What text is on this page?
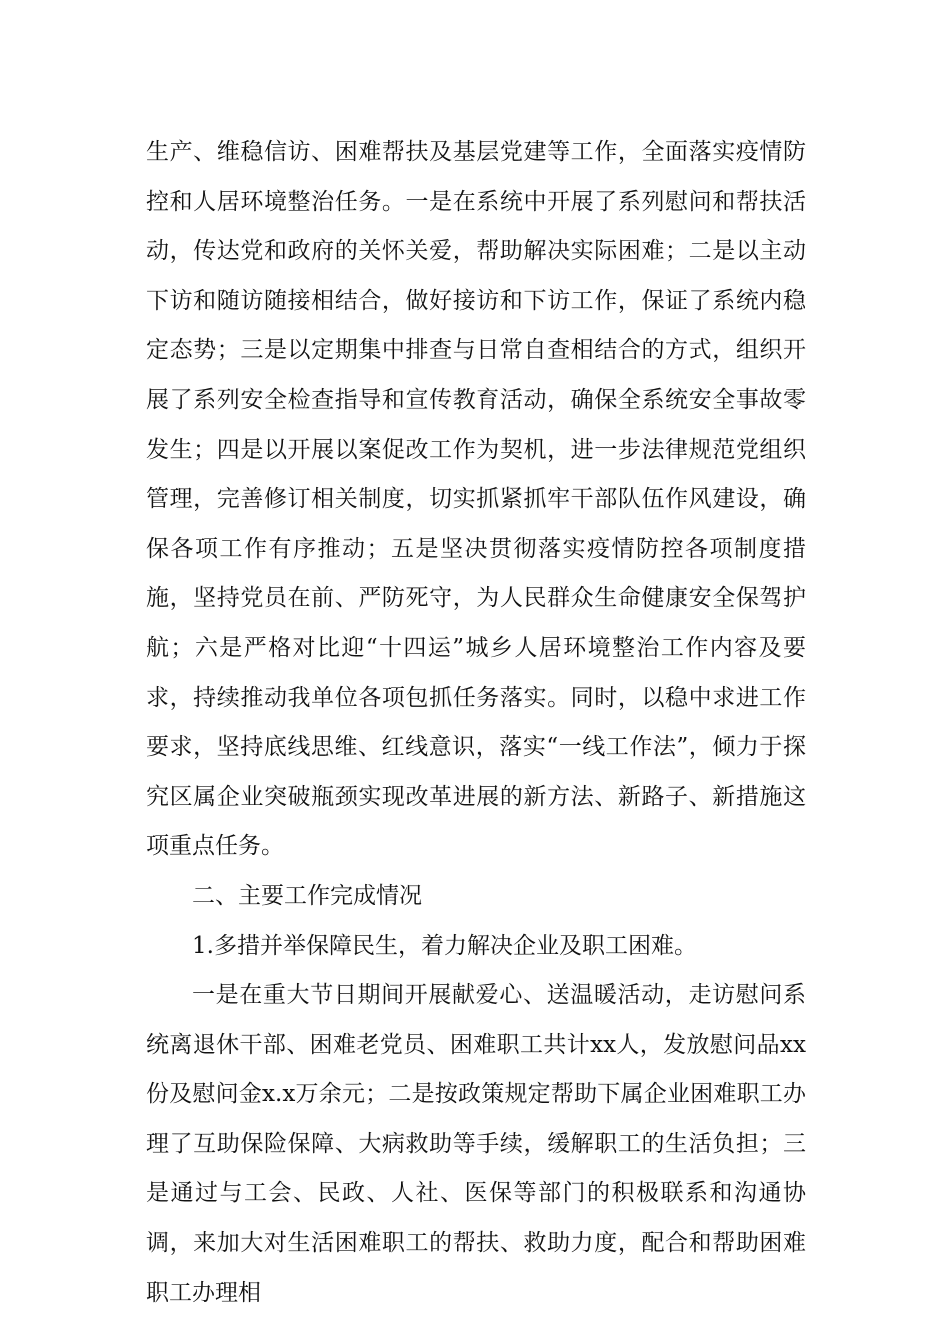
生产、维稳信访、困难帮扶及基层党建等工作，全面落实疫情防控和人居环境整治任务。一是在系统中开展了系列慰问和帮扶活动，传达党和政府的关怀关爱，帮助解决实际困难；二是以主动下访和随访随接相结合，做好接访和下访工作，保证了系统内稳定态势；三是以定期集中排查与日常自查相结合的方式，组织开展了系列安全检查指导和宣传教育活动，确保全系统安全事故零发生；四是以开展以案促改工作为契机，进一步法律规范党组织管理，完善修订相关制度，切实抓紧抓牢干部队伍作风建设，确保各项工作有序推动；五是坚决贯彻落实疫情防控各项制度措施，坚持党员在前、严防死守，为人民群众生命健康安全保驾护航；六是严格对比迎“十四运”城乡人居环境整治工作内容及要求，持续推动我单位各项包抓任务落实。同时，以稳中求进工作要求，坚持底线思维、红线意识，落实“一线工作法”，倾力于探究区属企业突破瓶颈实现改革进展的新方法、新路子、新措施这项重点任务。

二、主要工作完成情况

1.多措并举保障民生，着力解决企业及职工困难。

一是在重大节日期间开展献爱心、送温暖活动，走访慰问系统离退休干部、困难老党员、困难职工共计xx人，发放慰问品xx份及慰问金x.x万余元；二是按政策规定帮助下属企业困难职工办理了互助保险保障、大病救助等手续，缓解职工的生活负担；三是通过与工会、民政、人社、医保等部门的积极联系和沟通协调，来加大对生活困难职工的帮扶、救助力度，配合和帮助困难职工办理相
